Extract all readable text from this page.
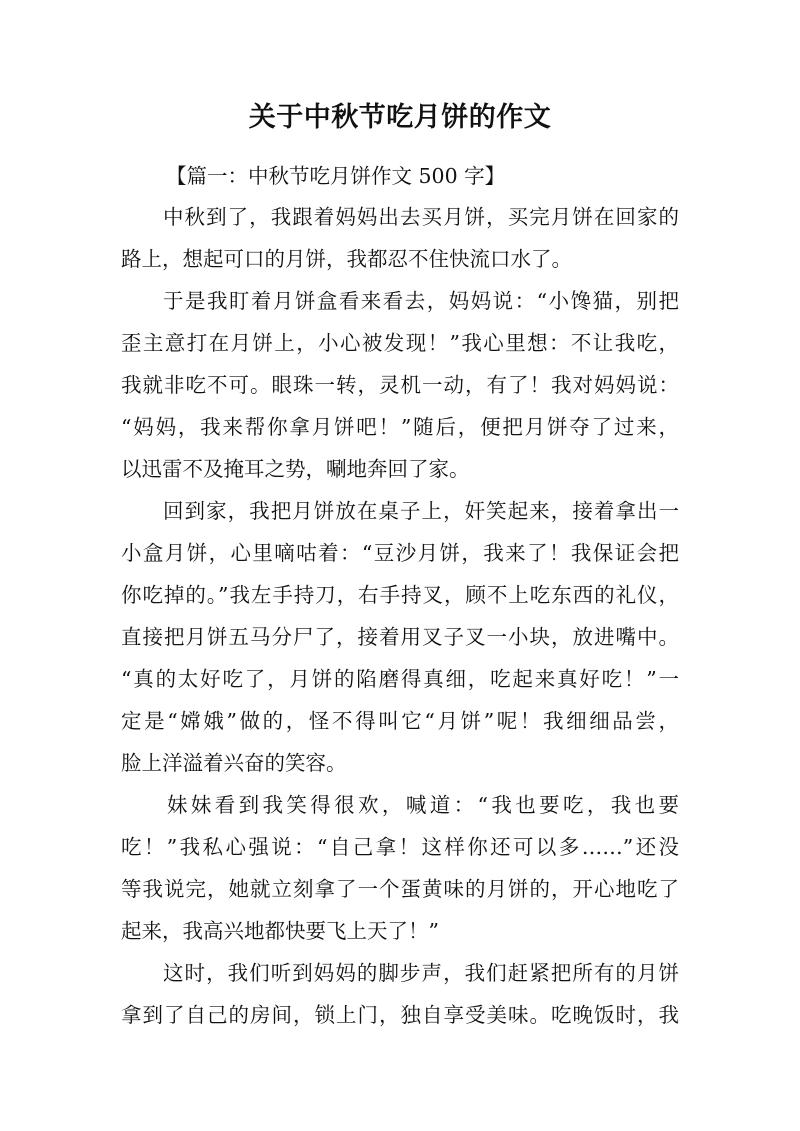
关于中秋节吃月饼的作文
【篇一：中秋节吃月饼作文 500 字】
中秋到了，我跟着妈妈出去买月饼，买完月饼在回家的
路上，想起可口的月饼，我都忍不住快流口水了。
于是我盯着月饼盒看来看去，妈妈说：“小馋猫，别把
歪主意打在月饼上，小心被发现！”我心里想：不让我吃，
我就非吃不可。眼珠一转，灵机一动，有了！我对妈妈说：
“妈妈，我来帮你拿月饼吧！”随后，便把月饼夺了过来，
以迅雷不及掩耳之势，唰地奔回了家。
回到家，我把月饼放在桌子上，奸笑起来，接着拿出一
小盒月饼，心里嘀咕着：“豆沙月饼，我来了！我保证会把
你吃掉的。”我左手持刀，右手持叉，顾不上吃东西的礼仪，
直接把月饼五马分尸了，接着用叉子叉一小块，放进嘴中。
“真的太好吃了，月饼的陷磨得真细，吃起来真好吃！”一
定是“嫦娥”做的，怪不得叫它“月饼”呢！我细细品尝，
脸上洋溢着兴奋的笑容。
妹妹看到我笑得很欢，喊道：“我也要吃，我也要
吃！”我私心强说：“自己拿！这样你还可以多……”还没
等我说完，她就立刻拿了一个蛋黄味的月饼的，开心地吃了
起来，我高兴地都快要飞上天了！”
这时，我们听到妈妈的脚步声，我们赶紧把所有的月饼
拿到了自己的房间，锁上门，独自享受美味。吃晚饭时，我
